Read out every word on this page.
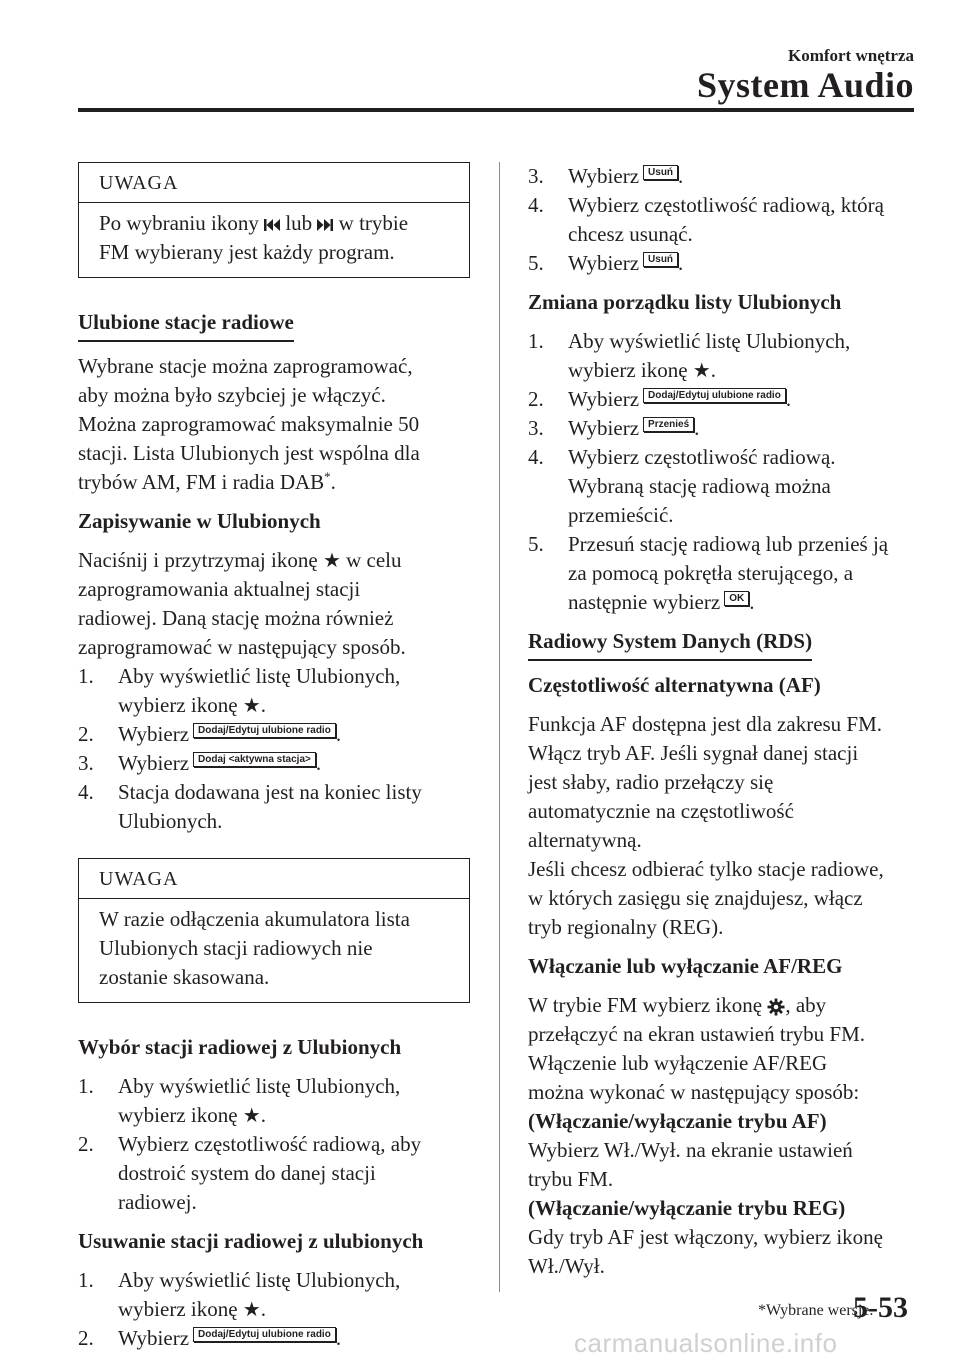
Komfort wnętrza
System Audio
UWAGA
Po wybraniu ikony lub w trybie
FM wybierany jest każdy program.
Ulubione stacje radiowe

Wybrane stacje można zaprogramować,

aby można było szybciej je włączyć.

Można zaprogramować maksymalnie 50

stacji. Lista Ulubionych jest wspólna dla

trybów AM, FM i radia DAB*.

Zapisywanie w Ulubionych

Naciśnij i przytrzymaj ikonę ★ w celu

zaprogramowania aktualnej stacji

radiowej. Daną stację można również

zaprogramować w następujący sposób.

1 . Aby wyświetlić listę Ulubionych,
wybierz ikonę ★.
2 . Wybierz Dodaj/Edytuj ulubione radio .
3 . Wybierz Dodaj <aktywna stacja> .
4 . Stacja dodawana jest na koniec listy
Ulubionych.
UWAGA
W razie odłączenia akumulatora lista
Ulubionych stacji radiowych nie
zostanie skasowana.
Wybór stacji radiowej z Ulubionych
1 . Aby wyświetlić listę Ulubionych,
wybierz ikonę ★.
2 . Wybierz częstotliwość radiową, aby
dostroić system do danej stacji
radiowej.
Usuwanie stacji radiowej z ulubionych
1 . Aby wyświetlić listę Ulubionych,
wybierz ikonę ★.
2 . Wybierz Dodaj/Edytuj ulubione radio .
3 . Wybierz Usuń .
4 . Wybierz częstotliwość radiową, którą
chcesz usunąć.
5 . Wybierz Usuń .
Zmiana porządku listy Ulubionych
1 . Aby wyświetlić listę Ulubionych,
wybierz ikonę ★.
2 . Wybierz Dodaj/Edytuj ulubione radio .
3 . Wybierz Przenieś .
4 . Wybierz częstotliwość radiową.
Wybraną stację radiową można
przemieścić.
5 . Przesuń stację radiową lub przenieś ją
za pomocą pokrętła sterującego, a
następnie wybierz OK .
Radiowy System Danych (RDS)
Częstotliwość alternatywna (AF)

Funkcja AF dostępna jest dla zakresu FM.

Włącz tryb AF. Jeśli sygnał danej stacji

jest słaby, radio przełączy się

automatycznie na częstotliwość

alternatywną.

Jeśli chcesz odbierać tylko stacje radiowe,

w których zasięgu się znajdujesz, włącz

tryb regionalny (REG).

Włączanie lub wyłączanie AF/REG

W trybie FM wybierz ikonę , aby

przełączyć na ekran ustawień trybu FM.

Włączenie lub wyłączenie AF/REG

można wykonać w następujący sposób:

(Włączanie/wyłączanie trybu AF)

Wybierz Wł./Wył. na ekranie ustawień

trybu FM.

(Włączanie/wyłączanie trybu REG)

Gdy tryb AF jest włączony, wybierz ikonę

Wł./Wył.

*Wybrane wersje.
5-53
carmanualsonline.info
